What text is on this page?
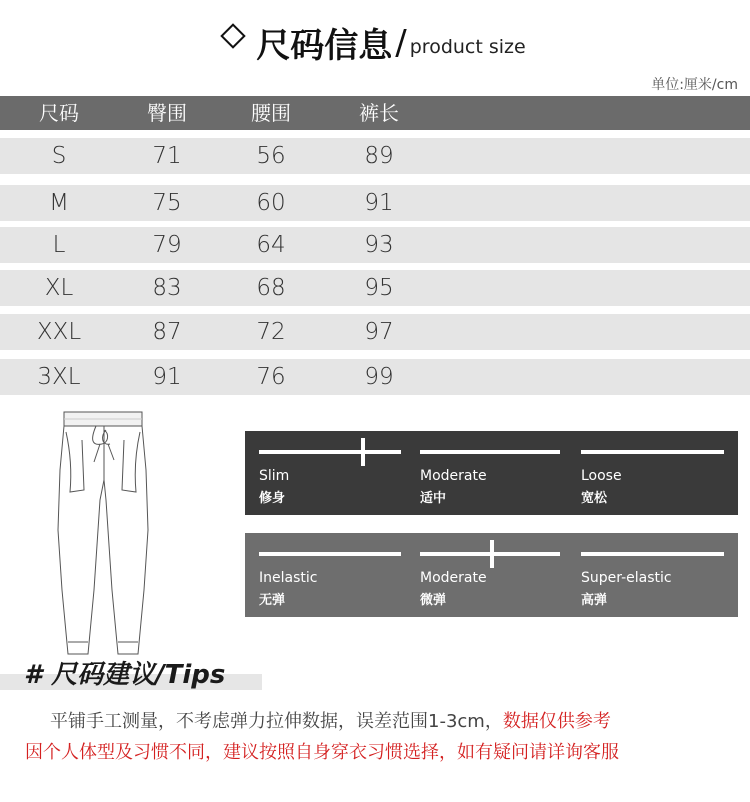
尺码信息/ product size
单位:厘米/cm
尺码	臀围	腰围	裤长
S	71	56	89
M	75	60	91
L	79	64	93
XL	83	68	95
XXL	87	72	97
3XL	91	76	99
Slim
修身
Moderate
适中
Loose
宽松
Inelastic
无弹
Moderate
微弹
Super-elastic
高弹
# 尺码建议/Tips
平铺手工测量，不考虑弹力拉伸数据，误差范围1-3cm，数据仅供参考
因个人体型及习惯不同，建议按照自身穿衣习惯选择，如有疑问请详询客服
